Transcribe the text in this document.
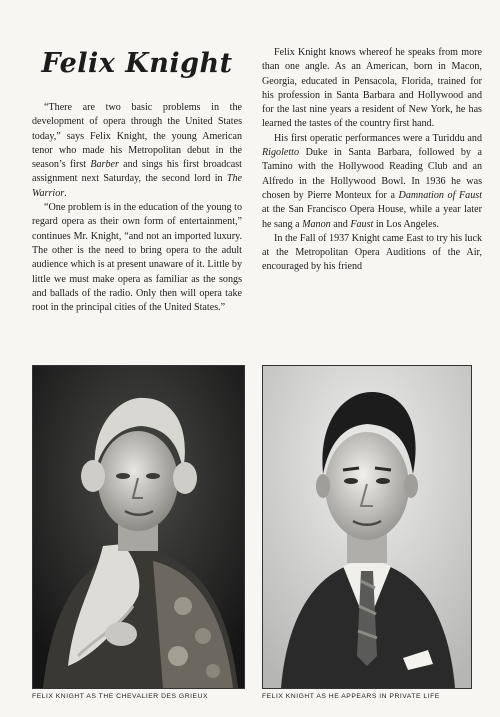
Felix Knight

“There are two basic problems in the development of opera through the United States today,” says Felix Knight, the young American tenor who made his Metropolitan debut in the season’s first Barber and sings his first broadcast assignment next Saturday, the second lord in The Warrior.

“One problem is in the education of the young to regard opera as their own form of entertainment,” continues Mr. Knight, “and not an imported luxury. The other is the need to bring opera to the adult audience which is at present unaware of it. Little by little we must make opera as familiar as the songs and ballads of the radio. Only then will opera take root in the principal cities of the United States.”

Felix Knight knows whereof he speaks from more than one angle. As an American, born in Macon, Georgia, educated in Pensacola, Florida, trained for his profession in Santa Barbara and Hollywood and for the last nine years a resident of New York, he has learned the tastes of the country first hand.

His first operatic performances were a Turiddu and Rigoletto Duke in Santa Barbara, followed by a Tamino with the Hollywood Reading Club and an Alfredo in the Hollywood Bowl. In 1936 he was chosen by Pierre Monteux for a Damnation of Faust at the San Francisco Opera House, while a year later he sang a Manon and Faust in Los Angeles.

In the Fall of 1937 Knight came East to try his luck at the Metropolitan Opera Auditions of the Air, encouraged by his friend

FELIX KNIGHT AS THE CHEVALIER DES GRIEUX	FELIX KNIGHT AS HE APPEARS IN PRIVATE LIFE
